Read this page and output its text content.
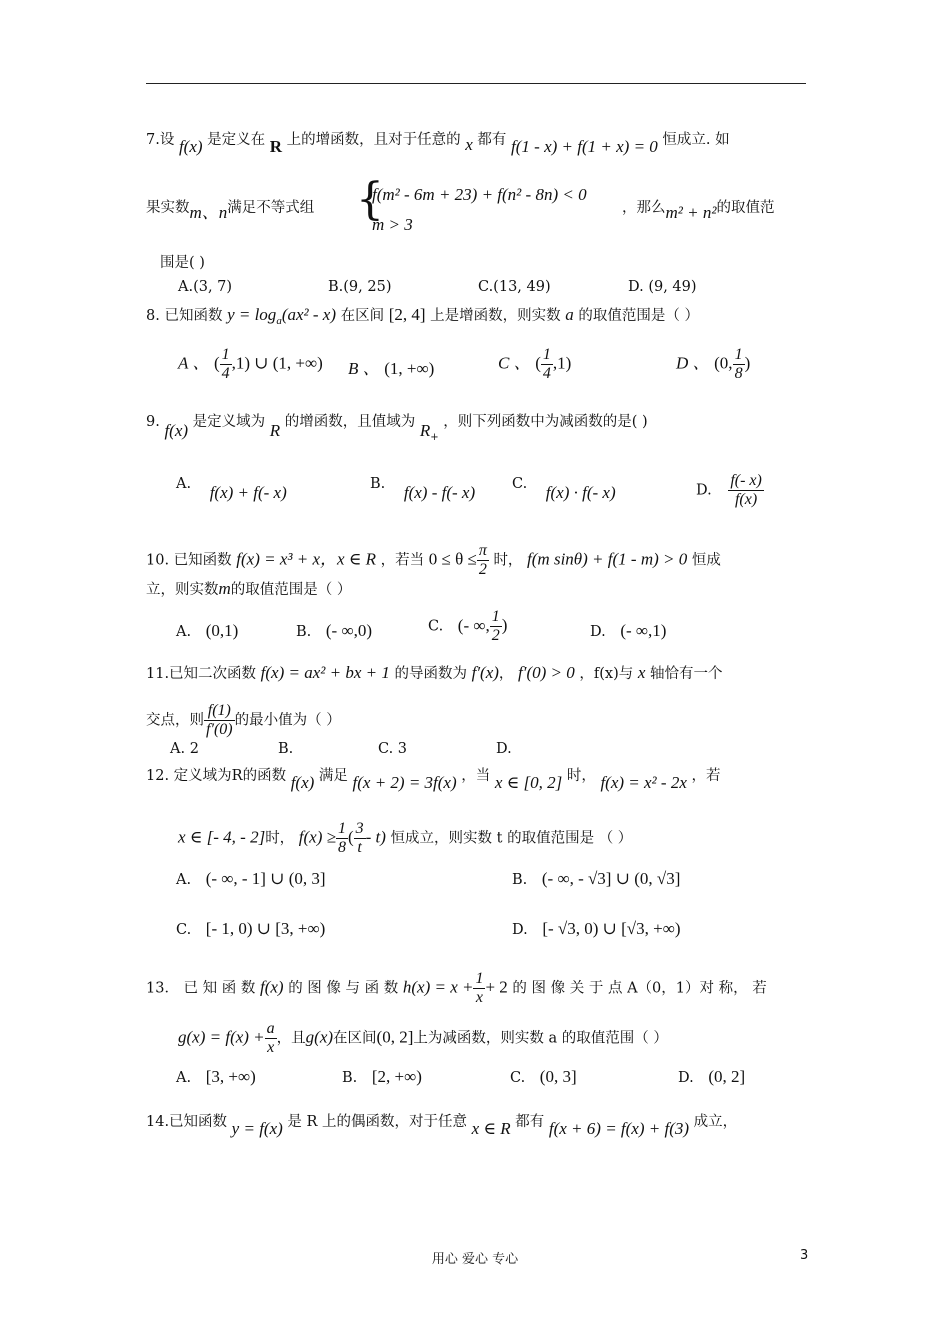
7.设 f(x) 是定义在 R 上的增函数，且对于任意的 x 都有 f(1 - x) + f(1 + x) = 0 恒成立. 如
果实数m、n满足不等式组 {
f(m² - 6m + 23) + f(n² - 8n) < 0
m > 3
，那么m² + n²的取值范
围是( )
A.(3, 7)	B.(9, 25)	C.(13, 49)	D. (9, 49)
8. 已知函数 $y = \log_a(ax^2 - x)$ 在区间 [2, 4] 上是增函数，则实数 a 的取值范围是（ ）
A 、 ( $\frac{1}{4} ,1$) ∪ (1, +∞) B 、 (1, +∞)	C 、 ( $\frac{1}{4} ,1$)	D 、 (0, $\frac{1}{8}$ )
9. f(x) 是定义域为 R 的增函数，且值域为 $R_+$ ，则下列函数中为减函数的是( )
A. f(x) + f(- x)	B. f(x) - f(- x)	C. f(x) · f(- x)	D. $\frac{f(- x)}{f(x)}$
10. 已知函数 f(x) = x³ + x，x ∈ R ，若当 $0 \le \theta \le \frac{\pi}{2}$ 时， f(m sinθ) + f(1 - m) > 0 恒成
立，则实数m的取值范围是（ ）
A. (0,1)	B. (- ∞,0)	C. (- ∞, $\frac{1}{2}$ )	D. (- ∞,1)
11.已知二次函数 f(x) = ax² + bx + 1 的导函数为 f′(x)， f′(0) > 0 ，f(x)与 x 轴恰有一个
交点，则 $\frac{f(1)}{f'(0)}$ 的最小值为（ ）
A. 2	B.	C. 3	D.
12. 定义域为R的函数 f(x) 满足 f(x + 2) = 3f(x) ，当 x ∈ [0, 2] 时， f(x) = x² - 2x ，若
x ∈ [- 4, - 2]时， $f(x) \ge \frac{1}{8}$ ( $\frac{3}{t} - t$) 恒成立，则实数 t 的取值范围是 （ ）
A. (- ∞, - 1] ∪ (0, 3]	B. (- ∞, - √3] ∪ (0, √3]
C. [- 1, 0) ∪ [3, +∞)	D. [- √3, 0) ∪ [√3, +∞)
13． 已 知 函 数 f(x) 的 图 像 与 函 数 $h(x) = x + \frac{1}{x} + 2$ 的 图 像 关 于 点 A（0，1）对 称， 若
$g(x) = f(x) + \frac{a}{x}$ ，且g(x)在区间(0, 2]上为减函数，则实数 a 的取值范围（ ）
A. [3, +∞)	B. [2, +∞)	C. (0, 3]	D. (0, 2]
14.已知函数 y = f(x) 是 R 上的偶函数，对于任意 x ∈ R 都有 f(x + 6) = f(x) + f(3) 成立，
用心 爱心 专心	3
